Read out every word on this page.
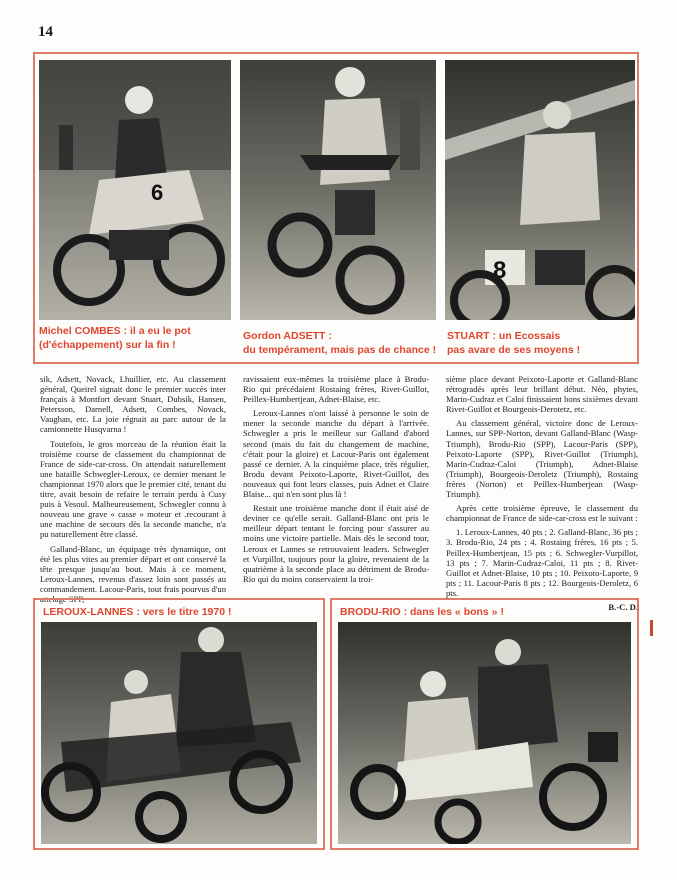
14
6
8
Michel COMBES : il a eu le pot
(d'échappement) sur la fin !
Gordon ADSETT :
du tempérament, mais pas de chance !
STUART : un Ecossais
pas avare de ses moyens !

sik, Adsett, Novack, Lhuillier, etc. Au classement général, Queirel signait donc le premier succès inter français à Montfort devant Stuart, Dubsik, Hansen, Petersson, Darnell, Adsett, Combes, Novack, Vaughan, etc. La joie régnait au parc autour de la camionnette Husqvarna !

Toutefois, le gros morceau de la réunion était la troisième course de classement du championnat de France de side-car-cross. On attendait naturellement une bataille Schwegler-Leroux, ce dernier menant le championnat 1970 alors que le premier cité, tenant du titre, avait besoin de refaire le terrain perdu à Cusy puis à Vesoul. Malheureusement, Schwegler connu à nouveau une grave « casse » moteur et .recourant à une machine de secours dès la seconde manche, n'a pu naturellement être classé.

Galland-Blanc, un équipage très dynamique, ont été les plus vites au premier départ et ont conservé la tête presque jusqu'au bout. Mais à ce moment, Leroux-Lannes, revenus d'assez loin sont passés au commandement. Lacour-Paris, tout frais pourvus d'un attelage SPP,

ravissaient eux-mêmes la troisième place à Brodu-Rio qui précédaient Rostaing frères, Rivet-Guillot, Peillex-Humbertjean, Adnet-Blaise, etc.

Leroux-Lannes n'ont laissé à personne le soin de mener la seconde manche du départ à l'arrivée. Schwegler a pris le meilleur sur Galland d'abord second (mais du fait du changement de machine, c'était pour la gloire) et Lacour-Paris ont également passé ce dernier. A la cinquième place, très régulier, Brodu devant Peixoto-Laporte, Rivet-Guillot, des nouveaux qui font leurs classes, puis Adnet et Claire Blaise... qui n'en sont plus là !

Restait une troisième manche dont il était aisé de deviner ce qu'elle serait. Galland-Blanc ont pris le meilleur départ tentant le forcing pour s'assurer au moins une victoire partielle. Mais dès le second tour, Leroux et Lannes se retrouvaient leaders. Schwegler et Vurpillot, toujours pour la gloire, revenaient de la quatrième à la seconde place au détriment de Brodu-Rio qui du moins conservaient la troi-

sième place devant Peixoto-Laporte et Galland-Blanc rétrogradés après leur brillant début. Néo, phytes, Marin-Cudraz et Caloi finissaient bons sixièmes devant Rivet-Guillot et Bourgeois-Derotetz, etc.

Au classement général, victoire donc de Leroux-Lannes, sur SPP-Norton, devant Galland-Blanc (Wasp-Triumph), Brodu-Rio (SPP), Lacour-Paris (SPP), Peixoto-Laporte (SPP), Rivet-Guillot (Triumph), Marin-Cudraz-Caloi (Triumph), Adnet-Blaise (Triumph), Bourgeois-Deroletz (Triumph), Rostaing frères (Norton) et Peillex-Humberjean (Wasp-Triumph).

Après cette troisième épreuve, le classement du championnat de France de side-car-cross est le suivant :

1. Leroux-Lannes, 40 pts ; 2. Galland-Blanc, 36 pts ; 3. Brodu-Rio, 24 pts ; 4. Rostaing frères, 16 pts ; 5. Peillex-Humbertjean, 15 pts ; 6. Schwegler-Vurpillot, 13 pts ; 7. Marin-Cudraz-Caloi, 11 pts ; 8. Rivet-Guillot et Adnet-Blaise, 10 pts ; 10. Peixoto-Laporte, 9 pts ; 11. Lacour-Paris 8 pts ; 12. Bourgeois-Deroletz, 6 pts.

B.-C. D.

LEROUX-LANNES : vers le titre 1970 !	BRODU-RIO : dans les « bons » !
